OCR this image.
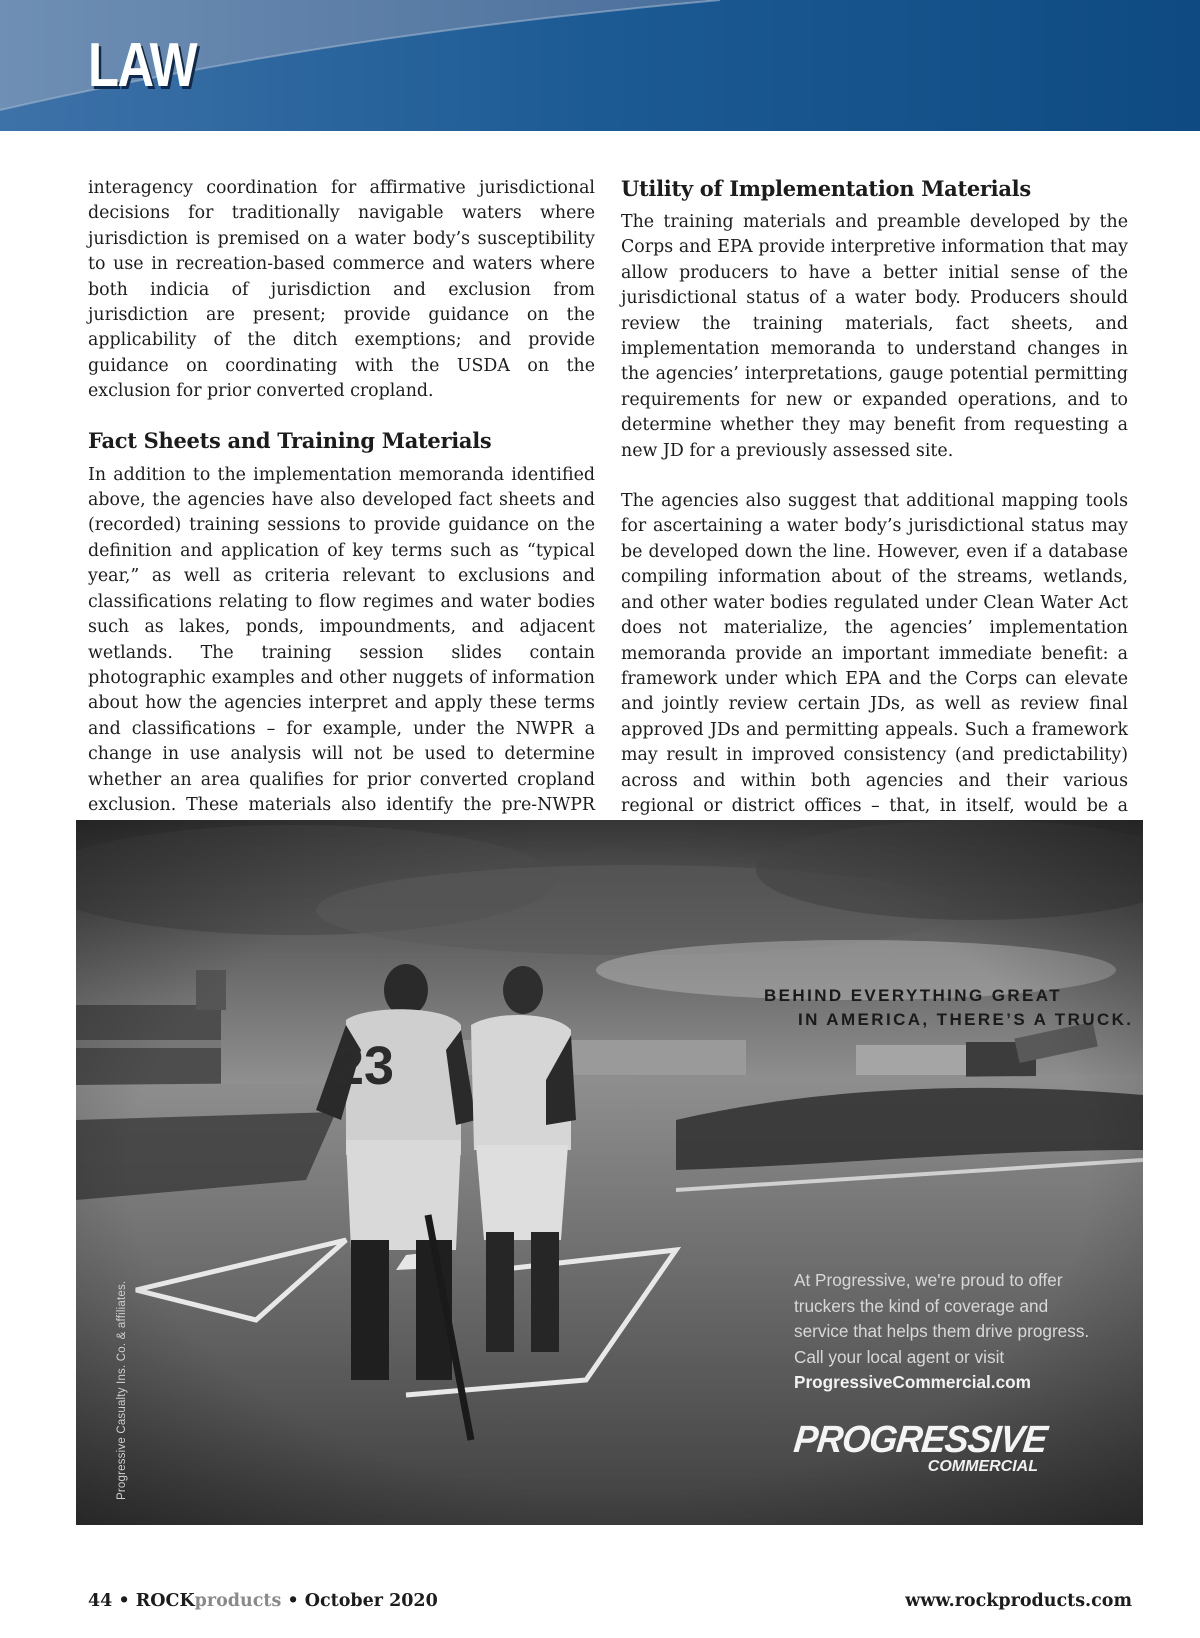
LAW

interagency coordination for affirmative jurisdictional decisions for traditionally navigable waters where jurisdiction is premised on a water body’s susceptibility to use in recreation-based commerce and waters where both indicia of jurisdiction and exclusion from jurisdiction are present; provide guidance on the applicability of the ditch exemptions; and provide guidance on coordinating with the USDA on the exclusion for prior converted cropland.

Fact Sheets and Training Materials

In addition to the implementation memoranda identified above, the agencies have also developed fact sheets and (recorded) training sessions to provide guidance on the definition and application of key terms such as “typical year,” as well as criteria relevant to exclusions and classifications relating to flow regimes and water bodies such as lakes, ponds, impoundments, and adjacent wetlands. The training session slides contain photographic examples and other nuggets of information about how the agencies interpret and apply these terms and classifications – for example, under the NWPR a change in use analysis will not be used to determine whether an area qualifies for prior converted cropland exclusion. These materials also identify the pre-NWPR

Utility of Implementation Materials

The training materials and preamble developed by the Corps and EPA provide interpretive information that may allow producers to have a better initial sense of the jurisdictional status of a water body. Producers should review the training materials, fact sheets, and implementation memoranda to understand changes in the agencies’ interpretations, gauge potential permitting requirements for new or expanded operations, and to determine whether they may benefit from requesting a new JD for a previously assessed site.

The agencies also suggest that additional mapping tools for ascertaining a water body’s jurisdictional status may be developed down the line. However, even if a database compiling information about of the streams, wetlands, and other water bodies regulated under Clean Water Act does not materialize, the agencies’ implementation memoranda provide an important immediate benefit: a framework under which EPA and the Corps can elevate and jointly review certain JDs, as well as review final approved JDs and permitting appeals. Such a framework may result in improved consistency (and predictability) across and within both agencies and their various regional or district offices – that, in itself, would be a

BEHIND EVERYTHING GREAT
IN AMERICA, THERE’S A TRUCK.
At Progressive, we're proud to offer
truckers the kind of coverage and
service that helps them drive progress.
Call your local agent or visit
ProgressiveCommercial.com
PROGRESSIVE
COMMERCIAL
Progressive Casualty Ins. Co. & affiliates.
44 • ROCKproducts • October 2020	www.rockproducts.com
